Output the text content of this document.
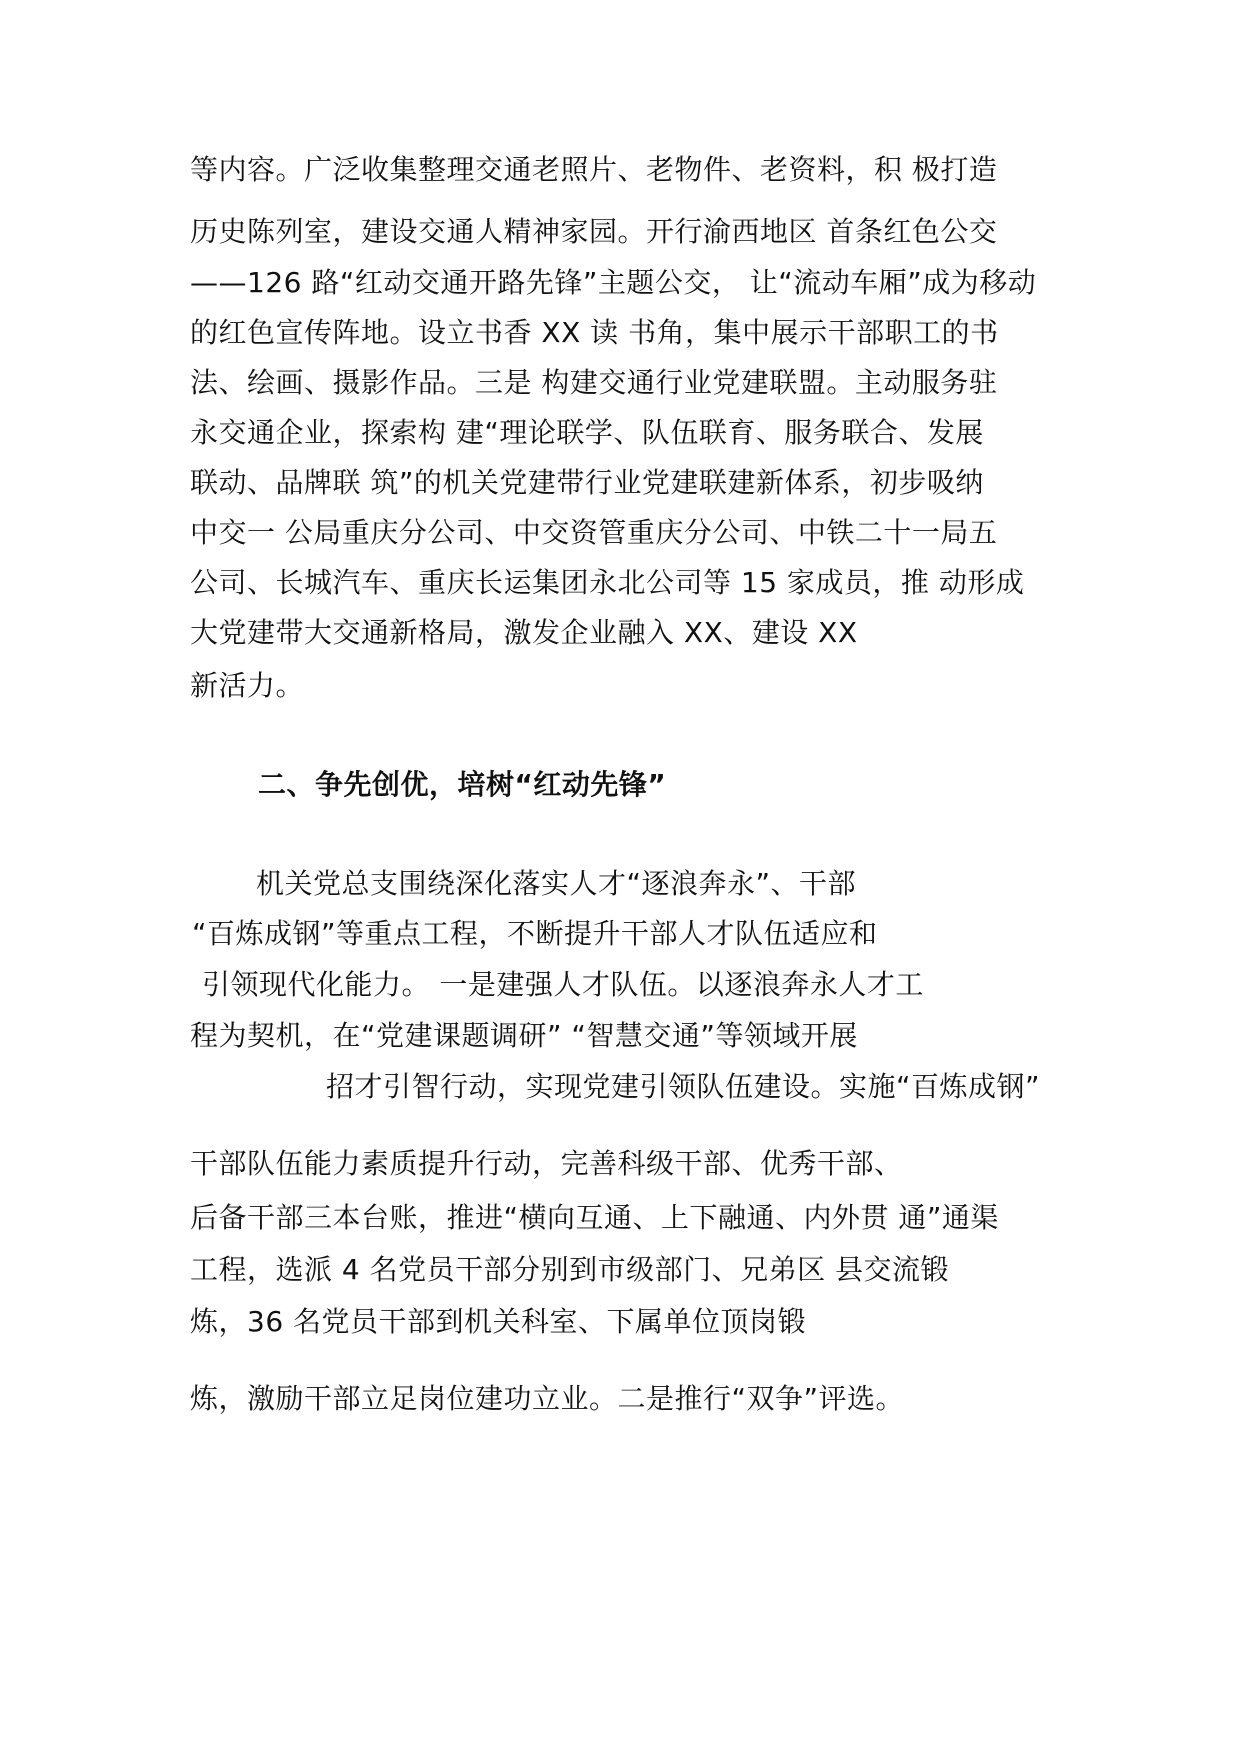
等内容。广泛收集整理交通老照片、老物件、老资料，积 极打造
历史陈列室，建设交通人精神家园。开行渝西地区 首条红色公交
——126 路“红动交通开路先锋”主题公交， 让“流动车厢”成为移动
的红色宣传阵地。设立书香 XX 读 书角，集中展示干部职工的书
法、绘画、摄影作品。三是 构建交通行业党建联盟。主动服务驻
永交通企业，探索构 建“理论联学、队伍联育、服务联合、发展
联动、品牌联 筑”的机关党建带行业党建联建新体系，初步吸纳
中交一 公局重庆分公司、中交资管重庆分公司、中铁二十一局五
公司、长城汽车、重庆长运集团永北公司等 15 家成员，推 动形成
大党建带大交通新格局，激发企业融入 XX、建设 XX
新活力。
二、争先创优，培树“红动先锋”
机关党总支围绕深化落实人才“逐浪奔永”、干部
“百炼成钢”等重点工程，不断提升干部人才队伍适应和
引领现代化能力。 一是建强人才队伍。以逐浪奔永人才工
程为契机，在“党建课题调研” “智慧交通”等领域开展
招才引智行动，实现党建引领队伍建设。实施“百炼成钢”
干部队伍能力素质提升行动，完善科级干部、优秀干部、
后备干部三本台账，推进“横向互通、上下融通、内外贯 通”通渠
工程，选派 4 名党员干部分别到市级部门、兄弟区 县交流锻
炼，36 名党员干部到机关科室、下属单位顶岗锻
炼，激励干部立足岗位建功立业。二是推行“双争”评选。
